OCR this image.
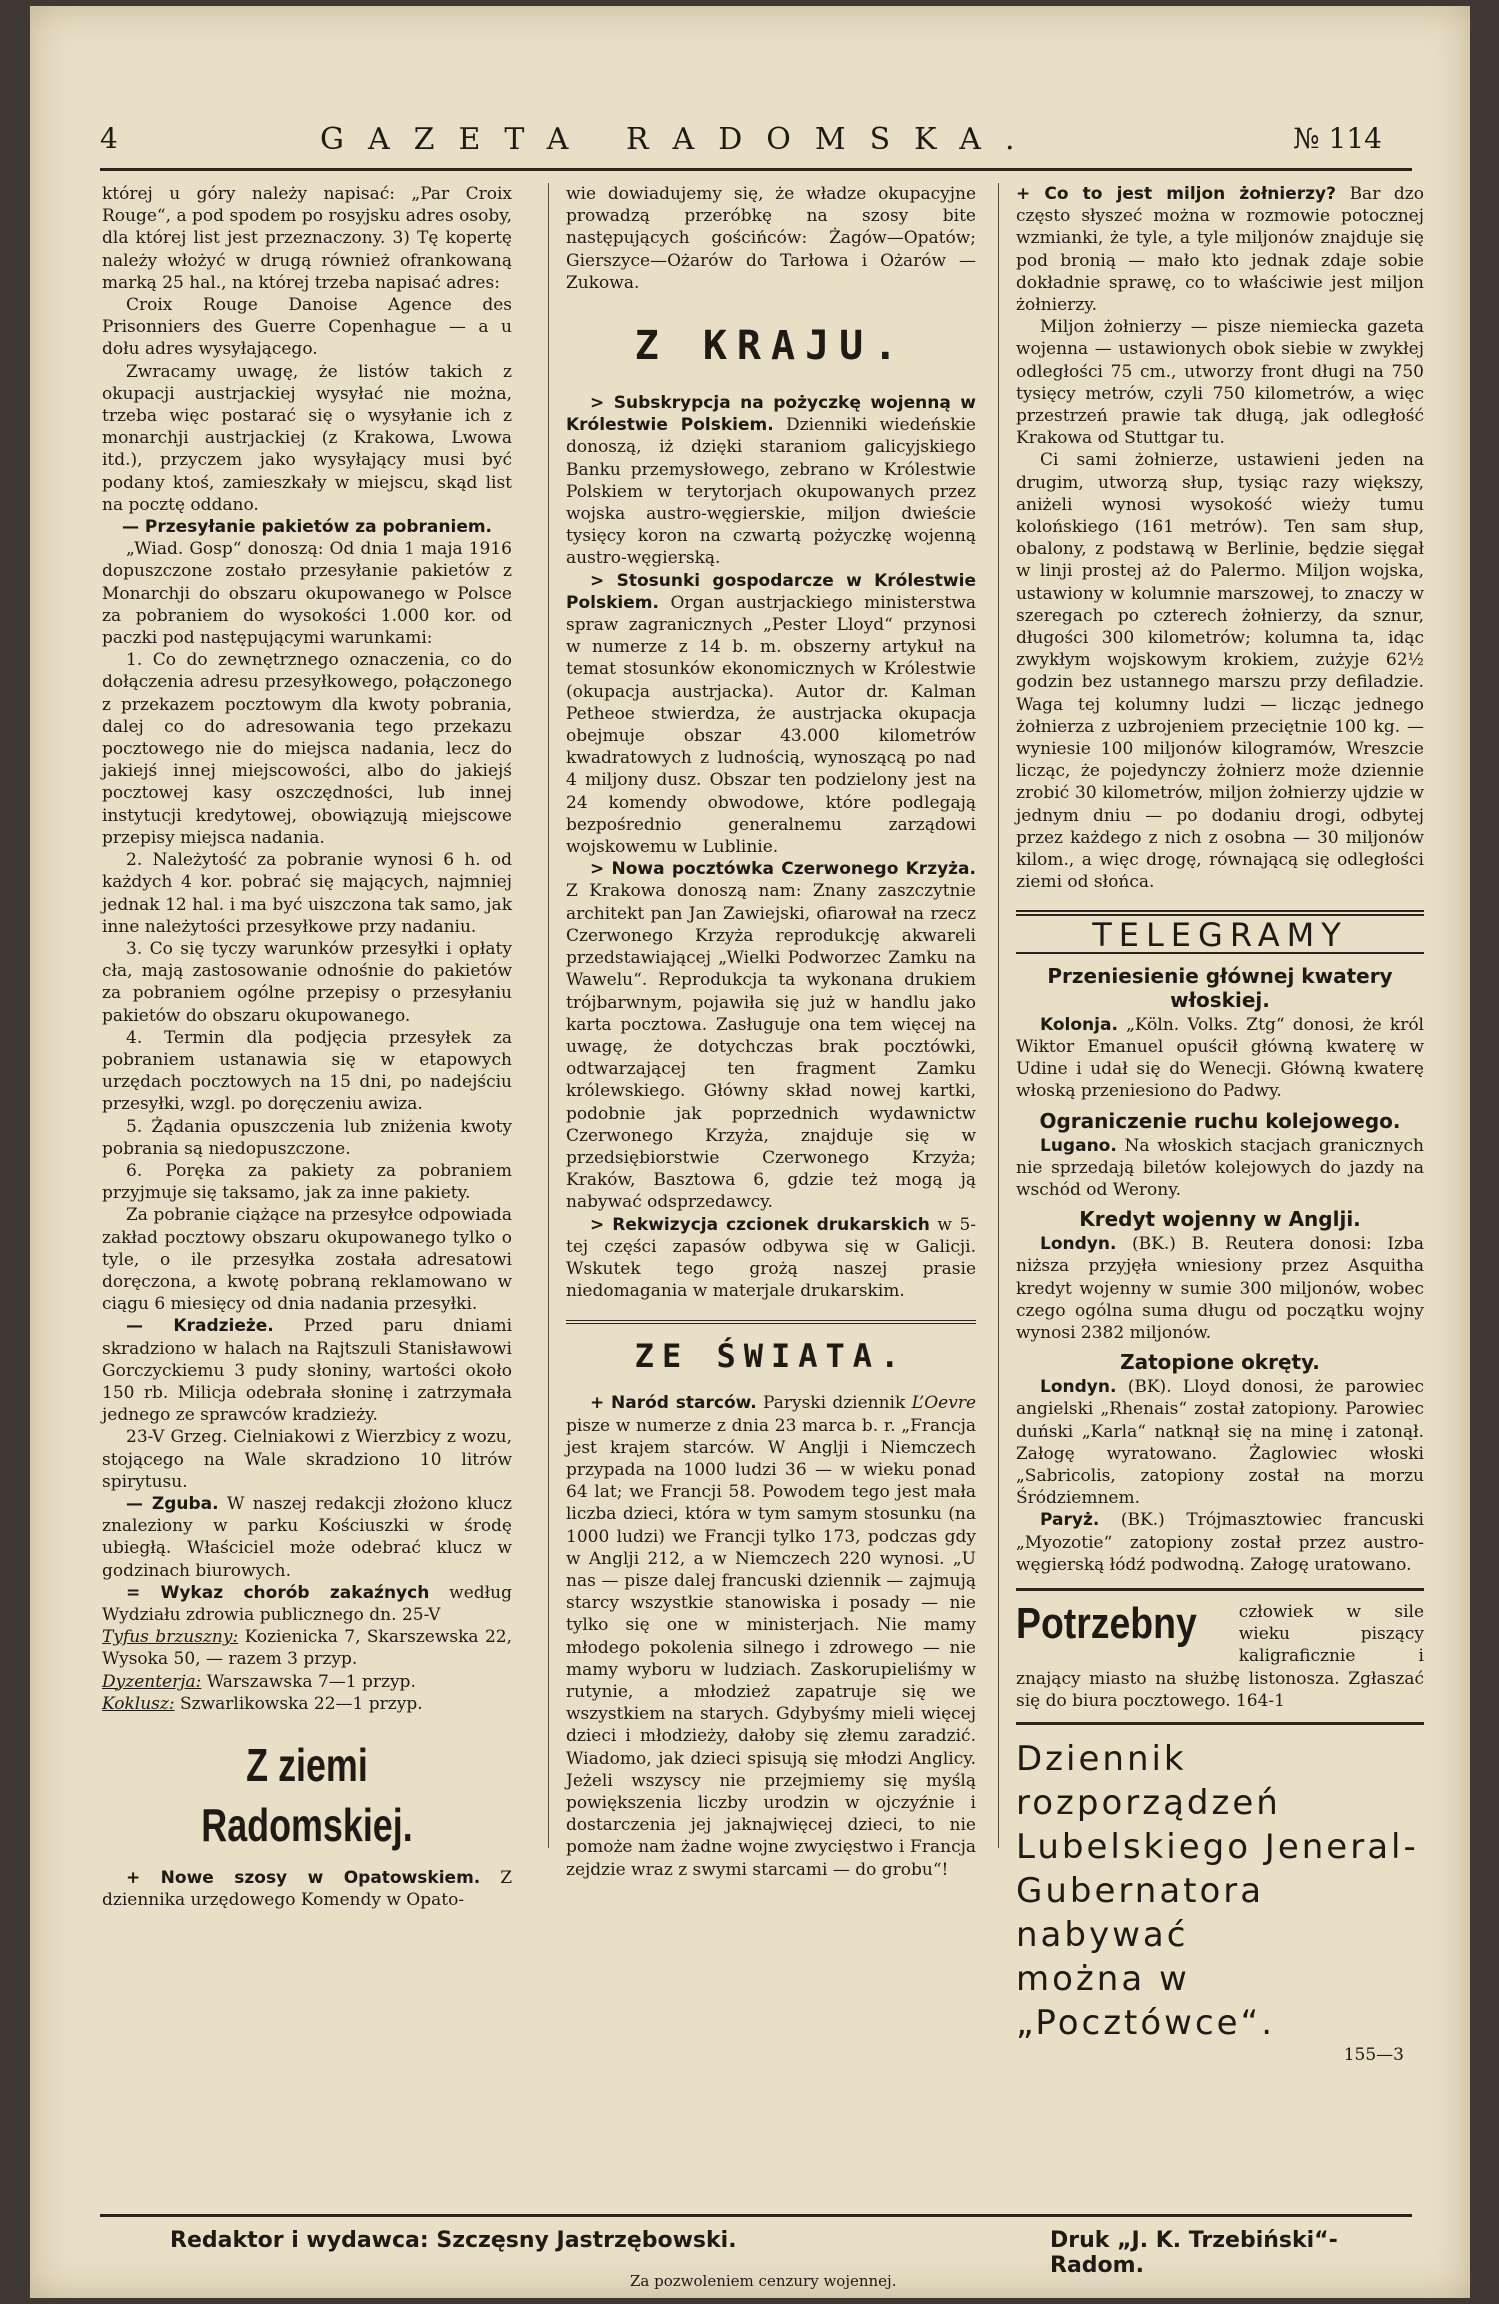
4	GAZETA RADOMSKA.	№ 114

której u góry należy napisać: „Par Croix Rouge“, a pod spodem po rosyjsku adres osoby, dla której list jest przeznaczony. 3) Tę kopertę należy włożyć w drugą również ofrankowaną marką 25 hal., na której trzeba napisać adres:

Croix Rouge Danoise Agence des Prisonniers des Guerre Copenhague — a u dołu adres wysyłającego.

Zwracamy uwagę, że listów takich z okupacji austrjackiej wysyłać nie można, trzeba więc postarać się o wysyłanie ich z monarchji austrjackiej (z Krakowa, Lwowa itd.), przyczem jako wysyłający musi być podany ktoś, zamieszkały w miejscu, skąd list na pocztę oddano.

— Przesyłanie pakietów za pobraniem.

„Wiad. Gosp“ donoszą: Od dnia 1 maja 1916 dopuszczone zostało przesyłanie pakietów z Monarchji do obszaru okupowanego w Polsce za pobraniem do wysokości 1.000 kor. od paczki pod następującymi warunkami:

1. Co do zewnętrznego oznaczenia, co do dołączenia adresu przesyłkowego, połączonego z przekazem pocztowym dla kwoty pobrania, dalej co do adresowania tego przekazu pocztowego nie do miejsca nadania, lecz do jakiejś innej miejscowości, albo do jakiejś pocztowej kasy oszczędności, lub innej instytucji kredytowej, obowiązują miejscowe przepisy miejsca nadania.

2. Należytość za pobranie wynosi 6 h. od każdych 4 kor. pobrać się mających, najmniej jednak 12 hal. i ma być uiszczona tak samo, jak inne należytości przesyłkowe przy nadaniu.

3. Co się tyczy warunków przesyłki i opłaty cła, mają zastosowanie odnośnie do pakietów za pobraniem ogólne przepisy o przesyłaniu pakietów do obszaru okupowanego.

4. Termin dla podjęcia przesyłek za pobraniem ustanawia się w etapowych urzędach pocztowych na 15 dni, po nadejściu przesyłki, wzgl. po doręczeniu awiza.

5. Żądania opuszczenia lub zniżenia kwoty pobrania są niedopuszczone.

6. Poręka za pakiety za pobraniem przyjmuje się taksamo, jak za inne pakiety.

Za pobranie ciążące na przesyłce odpowiada zakład pocztowy obszaru okupowanego tylko o tyle, o ile przesyłka została adresatowi doręczona, a kwotę pobraną reklamowano w ciągu 6 miesięcy od dnia nadania przesyłki.

— Kradzieże. Przed paru dniami skradziono w halach na Rajtszuli Stanisławowi Gorczyckiemu 3 pudy słoniny, wartości około 150 rb. Milicja odebrała słoninę i zatrzymała jednego ze sprawców kradzieży.

23-V Grzeg. Cielniakowi z Wierzbicy z wozu, stojącego na Wale skradziono 10 litrów spirytusu.

— Zguba. W naszej redakcji złożono klucz znaleziony w parku Kościuszki w środę ubiegłą. Właściciel może odebrać klucz w godzinach biurowych.

= Wykaz chorób zakaźnych według Wydziału zdrowia publicznego dn. 25-V

Tyfus brzuszny: Kozienicka 7, Skarszewska 22, Wysoka 50, — razem 3 przyp.

Dyzenterja: Warszawska 7—1 przyp.

Koklusz: Szwarlikowska 22—1 przyp.

Z ziemi Radomskiej.

+ Nowe szosy w Opatowskiem. Z dziennika urzędowego Komendy w Opato-

wie dowiadujemy się, że władze okupacyjne prowadzą przeróbkę na szosy bite następujących gościńców: Żagów—Opatów; Gierszyce—Ożarów do Tarłowa i Ożarów —Zukowa.

Z KRAJU.

> Subskrypcja na pożyczkę wojenną w Królestwie Polskiem. Dzienniki wiedeńskie donoszą, iż dzięki staraniom galicyjskiego Banku przemysłowego, zebrano w Królestwie Polskiem w terytorjach okupowanych przez wojska austro-węgierskie, miljon dwieście tysięcy koron na czwartą pożyczkę wojenną austro-węgierską.

> Stosunki gospodarcze w Królestwie Polskiem. Organ austrjackiego ministerstwa spraw zagranicznych „Pester Lloyd“ przynosi w numerze z 14 b. m. obszerny artykuł na temat stosunków ekonomicznych w Królestwie (okupacja austrjacka). Autor dr. Kalman Petheoe stwierdza, że austrjacka okupacja obejmuje obszar 43.000 kilometrów kwadratowych z ludnością, wynoszącą po nad 4 miljony dusz. Obszar ten podzielony jest na 24 komendy obwodowe, które podlegają bezpośrednio generalnemu zarządowi wojskowemu w Lublinie.

> Nowa pocztówka Czerwonego Krzyża. Z Krakowa donoszą nam: Znany zaszczytnie architekt pan Jan Zawiejski, ofiarował na rzecz Czerwonego Krzyża reprodukcję akwareli przedstawiającej „Wielki Podworzec Zamku na Wawelu“. Reprodukcja ta wykonana drukiem trójbarwnym, pojawiła się już w handlu jako karta pocztowa. Zasługuje ona tem więcej na uwagę, że dotychczas brak pocztówki, odtwarzającej ten fragment Zamku królewskiego. Główny skład nowej kartki, podobnie jak poprzednich wydawnictw Czerwonego Krzyża, znajduje się w przedsiębiorstwie Czerwonego Krzyża; Kraków, Basztowa 6, gdzie też mogą ją nabywać odsprzedawcy.

> Rekwizycja czcionek drukarskich w 5-tej części zapasów odbywa się w Galicji. Wskutek tego grożą naszej prasie niedomagania w materjale drukarskim.

ZE ŚWIATA.

+ Naród starców. Paryski dziennik L’Oevre pisze w numerze z dnia 23 marca b. r. „Francja jest krajem starców. W Anglji i Niemczech przypada na 1000 ludzi 36 — w wieku ponad 64 lat; we Francji 58. Powodem tego jest mała liczba dzieci, która w tym samym stosunku (na 1000 ludzi) we Francji tylko 173, podczas gdy w Anglji 212, a w Niemczech 220 wynosi. „U nas — pisze dalej francuski dziennik — zajmują starcy wszystkie stanowiska i posady — nie tylko się one w ministerjach. Nie mamy młodego pokolenia silnego i zdrowego — nie mamy wyboru w ludziach. Zaskorupieliśmy w rutynie, a młodzież zapatruje się we wszystkiem na starych. Gdybyśmy mieli więcej dzieci i młodzieży, dałoby się złemu zaradzić. Wiadomo, jak dzieci spisują się młodzi Anglicy. Jeżeli wszyscy nie przejmiemy się myślą powiększenia liczby urodzin w ojczyźnie i dostarczenia jej jaknajwięcej dzieci, to nie pomoże nam żadne wojne zwycięstwo i Francja zejdzie wraz z swymi starcami — do grobu“!

+ Co to jest miljon żołnierzy? Bar dzo często słyszeć można w rozmowie potocznej wzmianki, że tyle, a tyle miljonów znajduje się pod bronią — mało kto jednak zdaje sobie dokładnie sprawę, co to właściwie jest miljon żołnierzy.

Miljon żołnierzy — pisze niemiecka gazeta wojenna — ustawionych obok siebie w zwykłej odległości 75 cm., utworzy front długi na 750 tysięcy metrów, czyli 750 kilometrów, a więc przestrzeń prawie tak długą, jak odległość Krakowa od Stuttgar tu.

Ci sami żołnierze, ustawieni jeden na drugim, utworzą słup, tysiąc razy większy, aniżeli wynosi wysokość wieży tumu kolońskiego (161 metrów). Ten sam słup, obalony, z podstawą w Berlinie, będzie sięgał w linji prostej aż do Palermo. Miljon wojska, ustawiony w kolumnie marszowej, to znaczy w szeregach po czterech żołnierzy, da sznur, długości 300 kilometrów; kolumna ta, idąc zwykłym wojskowym krokiem, zużyje 62½ godzin bez ustannego marszu przy defiladzie. Waga tej kolumny ludzi — licząc jednego żołnierza z uzbrojeniem przeciętnie 100 kg. — wyniesie 100 miljonów kilogramów, Wreszcie licząc, że pojedynczy żołnierz może dziennie zrobić 30 kilometrów, miljon żołnierzy ujdzie w jednym dniu — po dodaniu drogi, odbytej przez każdego z nich z osobna — 30 miljonów kilom., a więc drogę, równającą się odległości ziemi od słońca.

TELEGRAMY
Przeniesienie głównej kwatery włoskiej.

Kolonja. „Köln. Volks. Ztg“ donosi, że król Wiktor Emanuel opuścił główną kwaterę w Udine i udał się do Wenecji. Główną kwaterę włoską przeniesiono do Padwy.

Ograniczenie ruchu kolejowego.

Lugano. Na włoskich stacjach granicznych nie sprzedają biletów kolejowych do jazdy na wschód od Werony.

Kredyt wojenny w Anglji.

Londyn. (BK.) B. Reutera donosi: Izba niższa przyjęła wniesiony przez Asquitha kredyt wojenny w sumie 300 miljonów, wobec czego ogólna suma długu od początku wojny wynosi 2382 miljonów.

Zatopione okręty.

Londyn. (BK). Lloyd donosi, że parowiec angielski „Rhenais“ został zatopiony. Parowiec duński „Karla“ natknął się na minę i zatonął. Załogę wyratowano. Żaglowiec włoski „Sabricolis, zatopiony został na morzu Śródziemnem.

Paryż. (BK.) Trójmasztowiec francuski „Myozotie“ zatopiony został przez austro-węgierską łódź podwodną. Załogę uratowano.

Potrzebny człowiek w sile wieku piszący kaligraficznie i znający miasto na służbę listonosza. Zgłaszać się do biura pocztowego. 164-1
Dziennik rozporządzeń
Lubelskiego Jeneral-
Gubernatora nabywać
można w „Pocztówce“.
155—3
Redaktor i wydawca: Szczęsny Jastrzębowski.	Druk „J. K. Trzebiński“-Radom.
Za pozwoleniem cenzury wojennej.
